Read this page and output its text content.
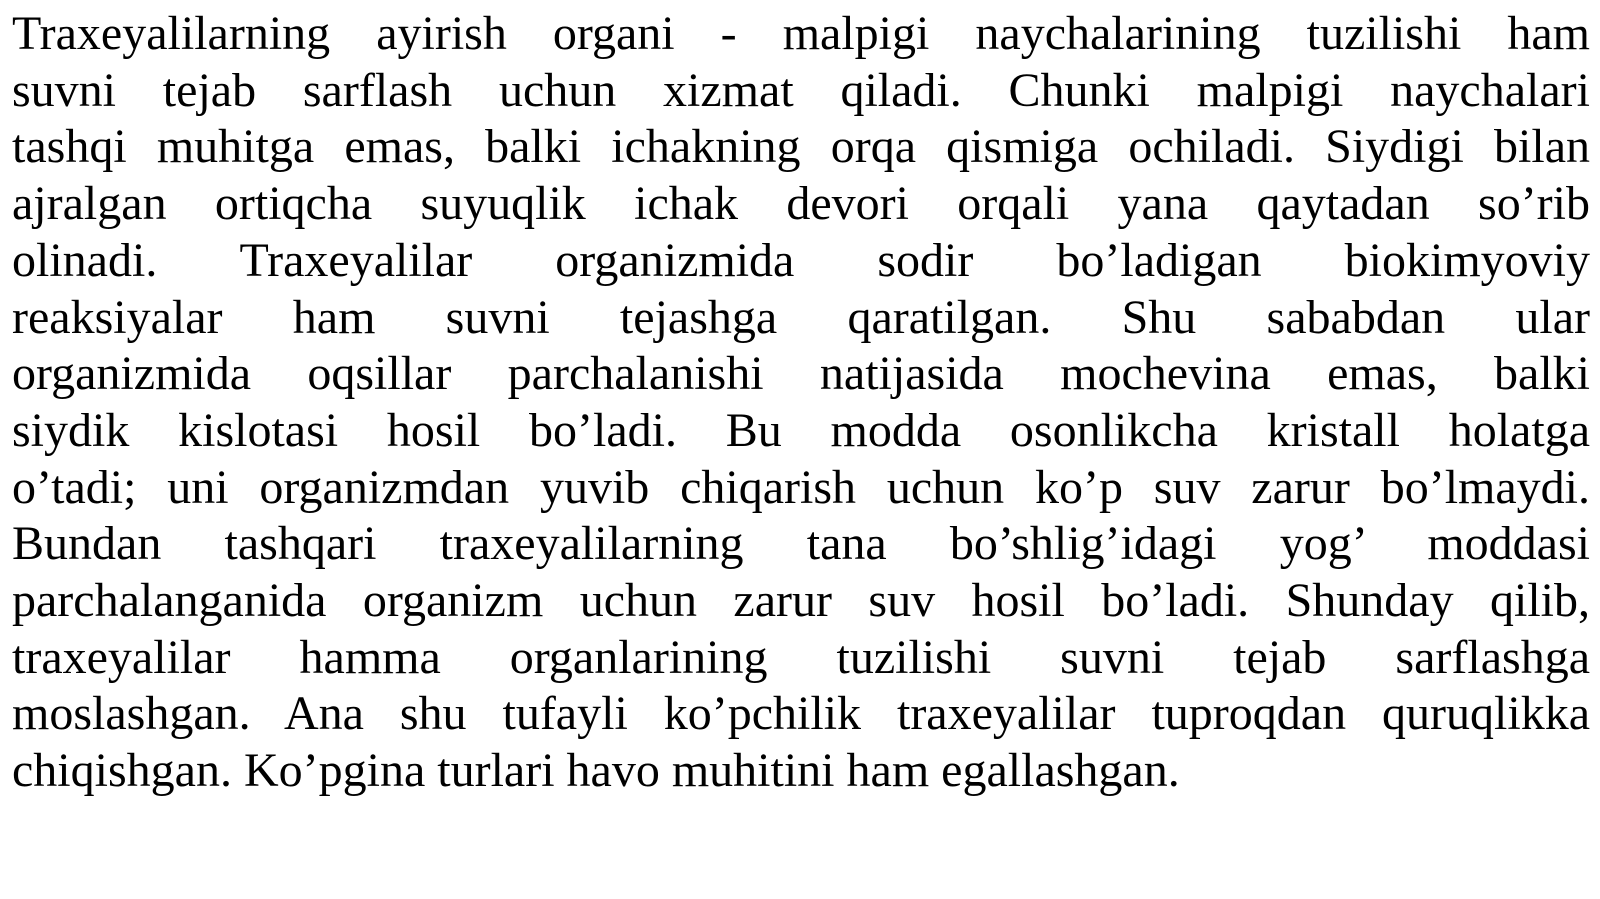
Traxeyalilarning ayirish organi - malpigi naychalarining tuzilishi ham
suvni tejab sarflash uchun xizmat qiladi. Chunki malpigi naychalari
tashqi muhitga emas, balki ichakning orqa qismiga ochiladi. Siydigi bilan
ajralgan ortiqcha suyuqlik ichak devori orqali yana qaytadan so’rib
olinadi. Traxeyalilar organizmida sodir bo’ladigan biokimyoviy
reaksiyalar ham suvni tejashga qaratilgan. Shu sababdan ular
organizmida oqsillar parchalanishi natijasida mochevina emas, balki
siydik kislotasi hosil bo’ladi. Bu modda osonlikcha kristall holatga
o’tadi; uni organizmdan yuvib chiqarish uchun ko’p suv zarur bo’lmaydi.
Bundan tashqari traxeyalilarning tana bo’shlig’idagi yog’ moddasi
parchalanganida organizm uchun zarur suv hosil bo’ladi. Shunday qilib,
traxeyalilar hamma organlarining tuzilishi suvni tejab sarflashga
moslashgan. Ana shu tufayli ko’pchilik traxeyalilar tuproqdan quruqlikka
chiqishgan. Ko’pgina turlari havo muhitini ham egallashgan.
